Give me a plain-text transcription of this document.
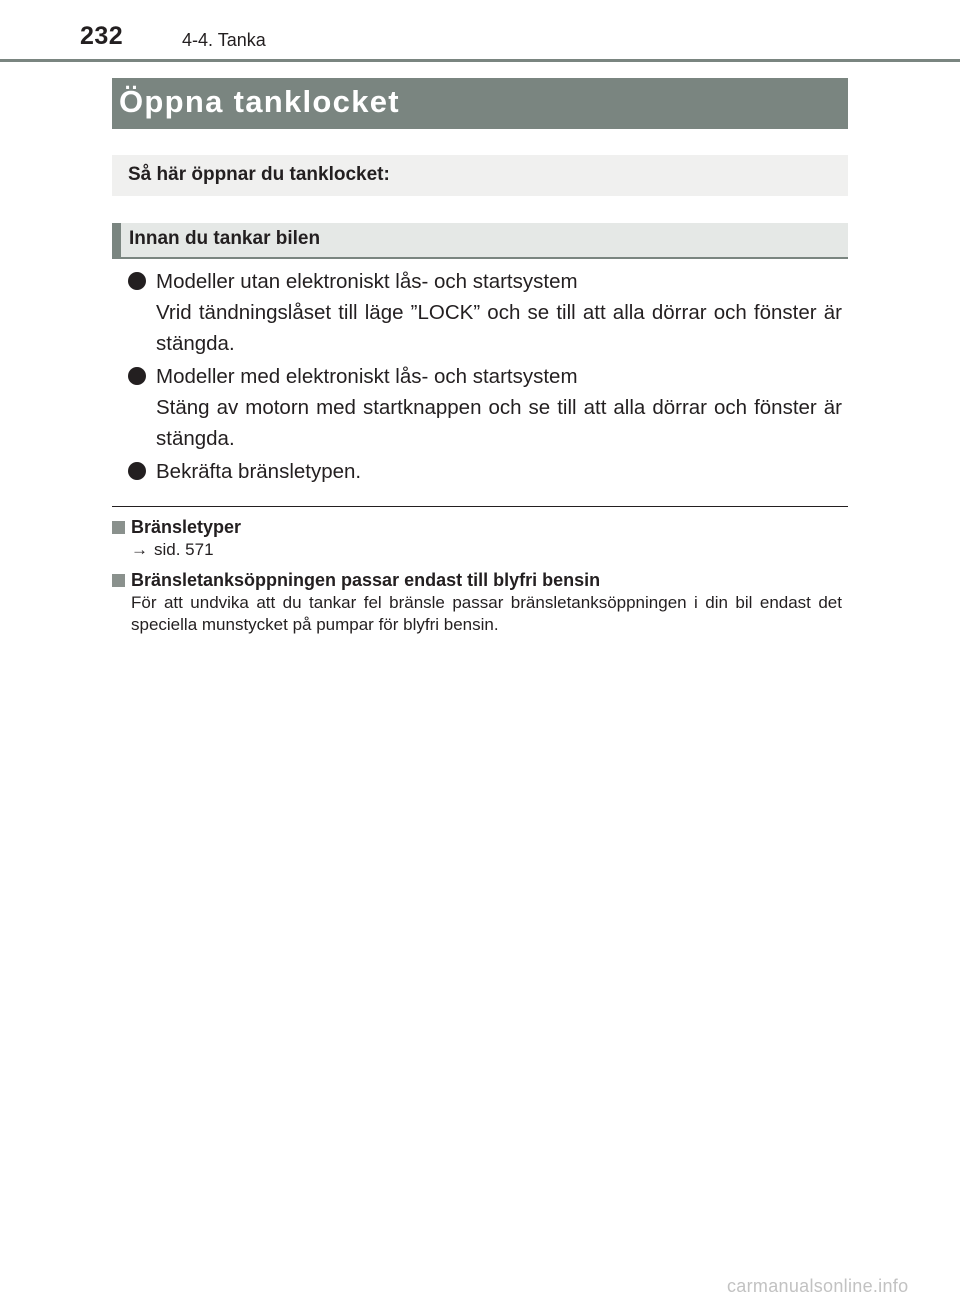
232	4-4. Tanka
Öppna tanklocket
Så här öppnar du tanklocket:
Innan du tankar bilen
Modeller utan elektroniskt lås- och startsystem
Vrid tändningslåset till läge ”LOCK” och se till att alla dörrar och fönster är stängda.
Modeller med elektroniskt lås- och startsystem
Stäng av motorn med startknappen och se till att alla dörrar och fönster är stängda.
Bekräfta bränsletypen.
Bränsletyper
→ sid. 571
Bränsletanksöppningen passar endast till blyfri bensin
För att undvika att du tankar fel bränsle passar bränsletanksöppningen i din bil endast det speciella munstycket på pumpar för blyfri bensin.
carmanualsonline.info
